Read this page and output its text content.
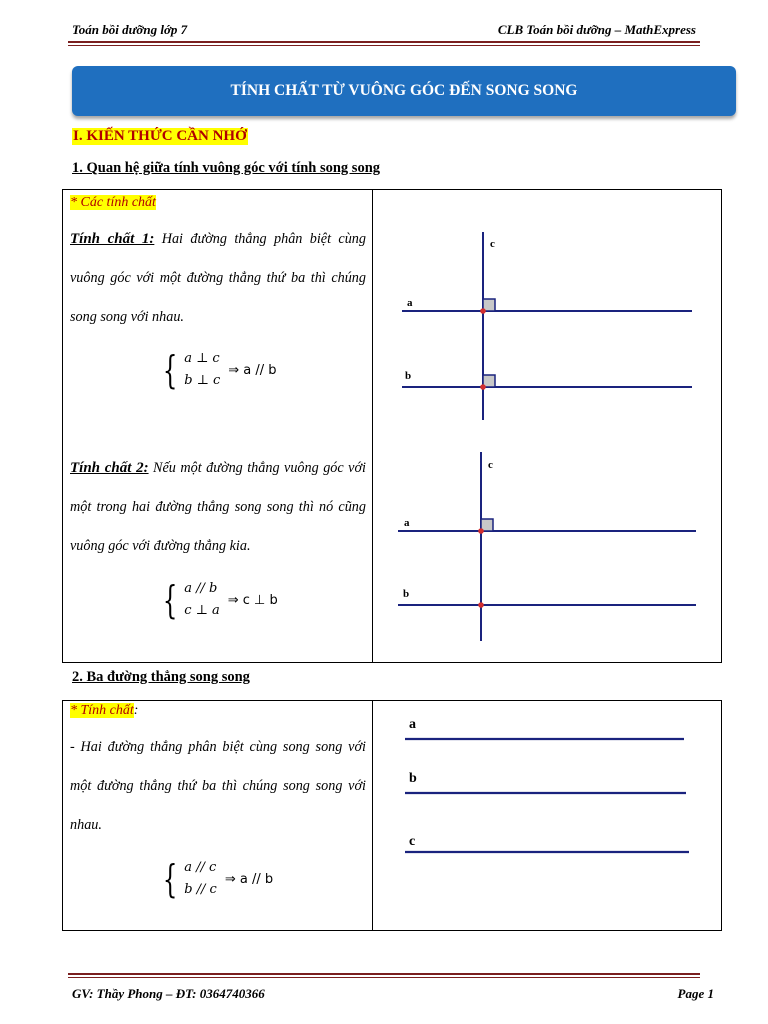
Toán bồi dưỡng lớp 7	CLB Toán bồi dưỡng – MathExpress
TÍNH CHẤT TỪ VUÔNG GÓC ĐẾN SONG SONG
I. KIẾN THỨC CẦN NHỚ
1. Quan hệ giữa tính vuông góc với tính song song

* Các tính chất
Tính chất 1: Hai đường thẳng phân biệt cùng vuông góc với một đường thẳng thứ ba thì chúng song song với nhau.
{ a ⊥ c
b ⊥ c
⇒ a // b
Tính chất 2: Nếu một đường thẳng vuông góc với một trong hai đường thẳng song song thì nó cũng vuông góc với đường thẳng kia.
{ a // b
c ⊥ a
⇒ c ⊥ b
c
a
b
c
a
b
2. Ba đường thẳng song song

* Tính chất:
- Hai đường thẳng phân biệt cùng song song với một đường thẳng thứ ba thì chúng song song với nhau.
{ a // c
b // c
⇒ a // b
a
b
c
GV: Thầy Phong – ĐT: 0364740366	Page 1
